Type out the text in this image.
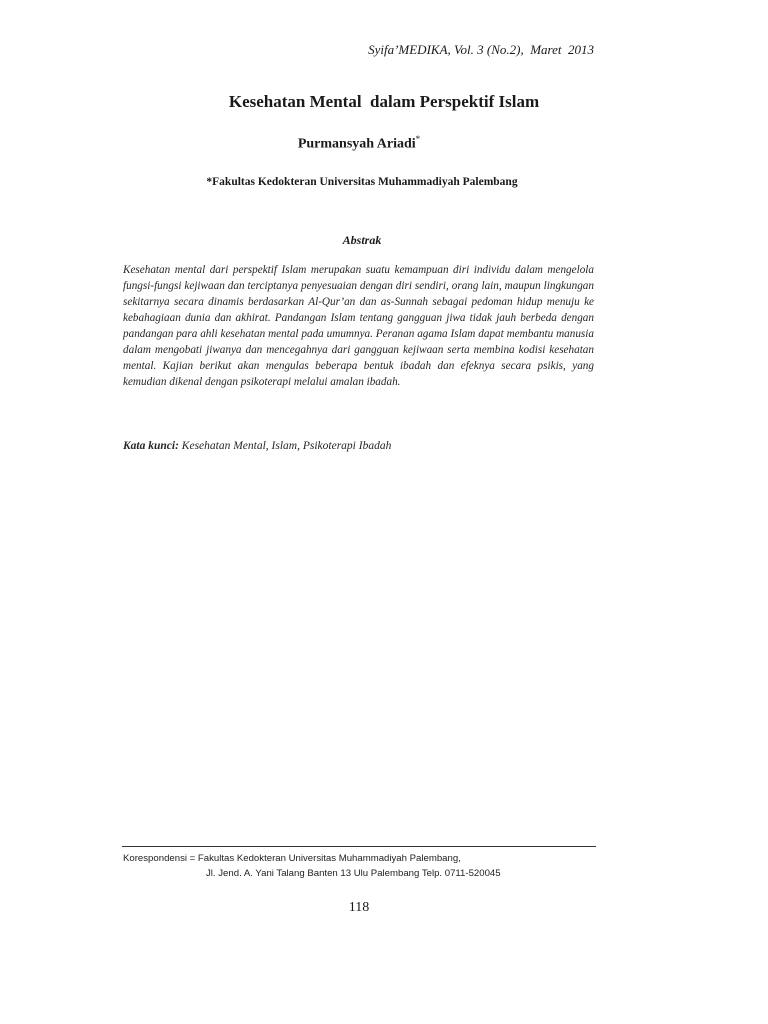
Syifa’MEDIKA, Vol. 3 (No.2),  Maret  2013
Kesehatan Mental  dalam Perspektif Islam
Purmansyah Ariadi*
*Fakultas Kedokteran Universitas Muhammadiyah Palembang
Abstrak
Kesehatan mental dari perspektif Islam merupakan suatu kemampuan diri individu dalam mengelola fungsi-fungsi kejiwaan dan terciptanya penyesuaian dengan diri sendiri, orang lain, maupun lingkungan sekitarnya secara dinamis berdasarkan Al-Qur’an dan as-Sunnah sebagai pedoman hidup menuju ke kebahagiaan dunia dan akhirat. Pandangan Islam tentang gangguan jiwa tidak jauh berbeda dengan pandangan para ahli kesehatan mental pada umumnya. Peranan agama Islam dapat membantu manusia dalam mengobati jiwanya dan mencegahnya dari gangguan kejiwaan serta membina kodisi kesehatan mental. Kajian berikut akan mengulas beberapa bentuk ibadah dan efeknya secara psikis, yang kemudian dikenal dengan psikoterapi melalui amalan ibadah.
Kata kunci: Kesehatan Mental, Islam, Psikoterapi Ibadah
Korespondensi = Fakultas Kedokteran Universitas Muhammadiyah Palembang,
Jl. Jend. A. Yani Talang Banten 13 Ulu Palembang Telp. 0711-520045
118
